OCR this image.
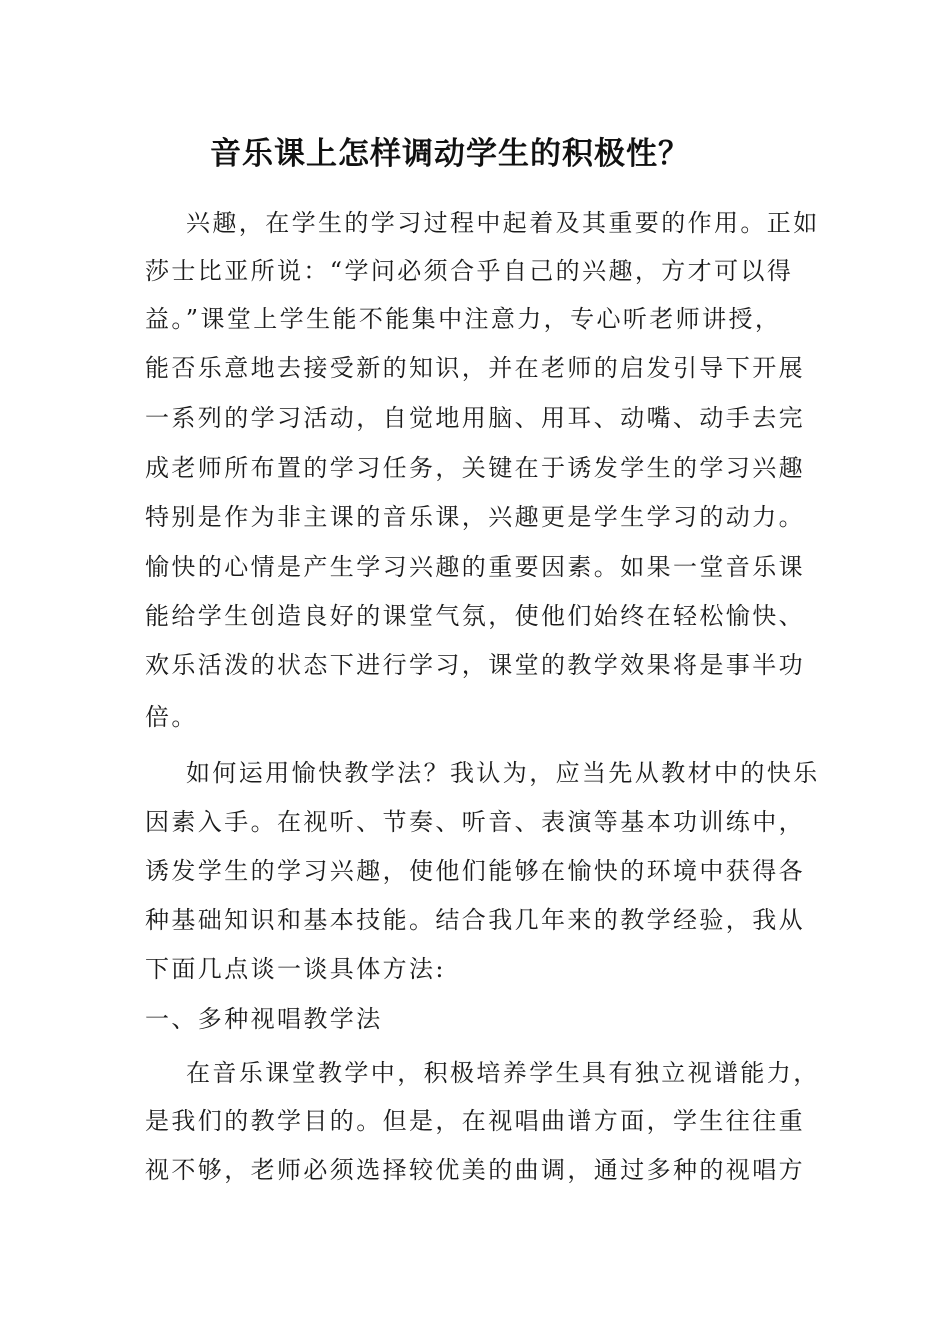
音乐课上怎样调动学生的积极性？
兴趣，在学生的学习过程中起着及其重要的作用。正如
莎士比亚所说：“学问必须合乎自己的兴趣，方才可以得
益。”课堂上学生能不能集中注意力，专心听老师讲授，
能否乐意地去接受新的知识，并在老师的启发引导下开展
一系列的学习活动，自觉地用脑、用耳、动嘴、动手去完
成老师所布置的学习任务，关键在于诱发学生的学习兴趣
特别是作为非主课的音乐课，兴趣更是学生学习的动力。
愉快的心情是产生学习兴趣的重要因素。如果一堂音乐课
能给学生创造良好的课堂气氛，使他们始终在轻松愉快、
欢乐活泼的状态下进行学习，课堂的教学效果将是事半功
倍。
如何运用愉快教学法？我认为，应当先从教材中的快乐
因素入手。在视听、节奏、听音、表演等基本功训练中，
诱发学生的学习兴趣，使他们能够在愉快的环境中获得各
种基础知识和基本技能。结合我几年来的教学经验，我从
下面几点谈一谈具体方法:
一、多种视唱教学法
在音乐课堂教学中，积极培养学生具有独立视谱能力，
是我们的教学目的。但是，在视唱曲谱方面，学生往往重
视不够，老师必须选择较优美的曲调，通过多种的视唱方
